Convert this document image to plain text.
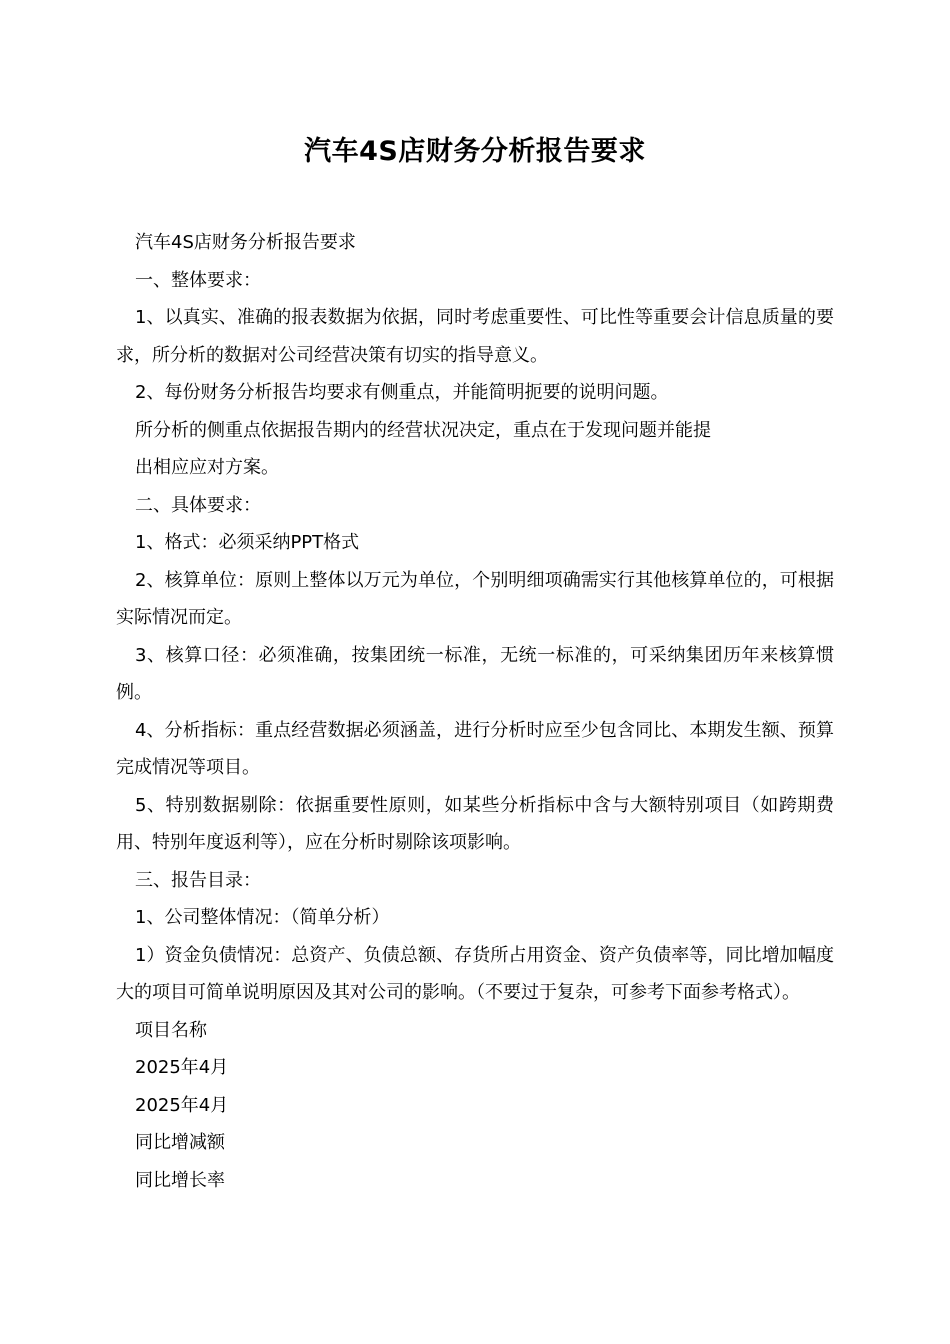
汽车4S店财务分析报告要求

汽车4S店财务分析报告要求

一、整体要求：

1、以真实、准确的报表数据为依据，同时考虑重要性、可比性等重要会计信息质量的要求，所分析的数据对公司经营决策有切实的指导意义。

2、每份财务分析报告均要求有侧重点，并能简明扼要的说明问题。

所分析的侧重点依据报告期内的经营状况决定，重点在于发现问题并能提

出相应应对方案。

二、具体要求：

1、格式：必须采纳PPT格式

2、核算单位：原则上整体以万元为单位，个别明细项确需实行其他核算单位的，可根据实际情况而定。

3、核算口径：必须准确，按集团统一标准，无统一标准的，可采纳集团历年来核算惯例。

4、分析指标：重点经营数据必须涵盖，进行分析时应至少包含同比、本期发生额、预算完成情况等项目。

5、特别数据剔除：依据重要性原则，如某些分析指标中含与大额特别项目（如跨期费用、特别年度返利等），应在分析时剔除该项影响。

三、报告目录：

1、公司整体情况：（简单分析）

1）资金负债情况：总资产、负债总额、存货所占用资金、资产负债率等，同比增加幅度大的项目可简单说明原因及其对公司的影响。（不要过于复杂，可参考下面参考格式）。

项目名称

2025年4月

2025年4月

同比增减额

同比增长率
